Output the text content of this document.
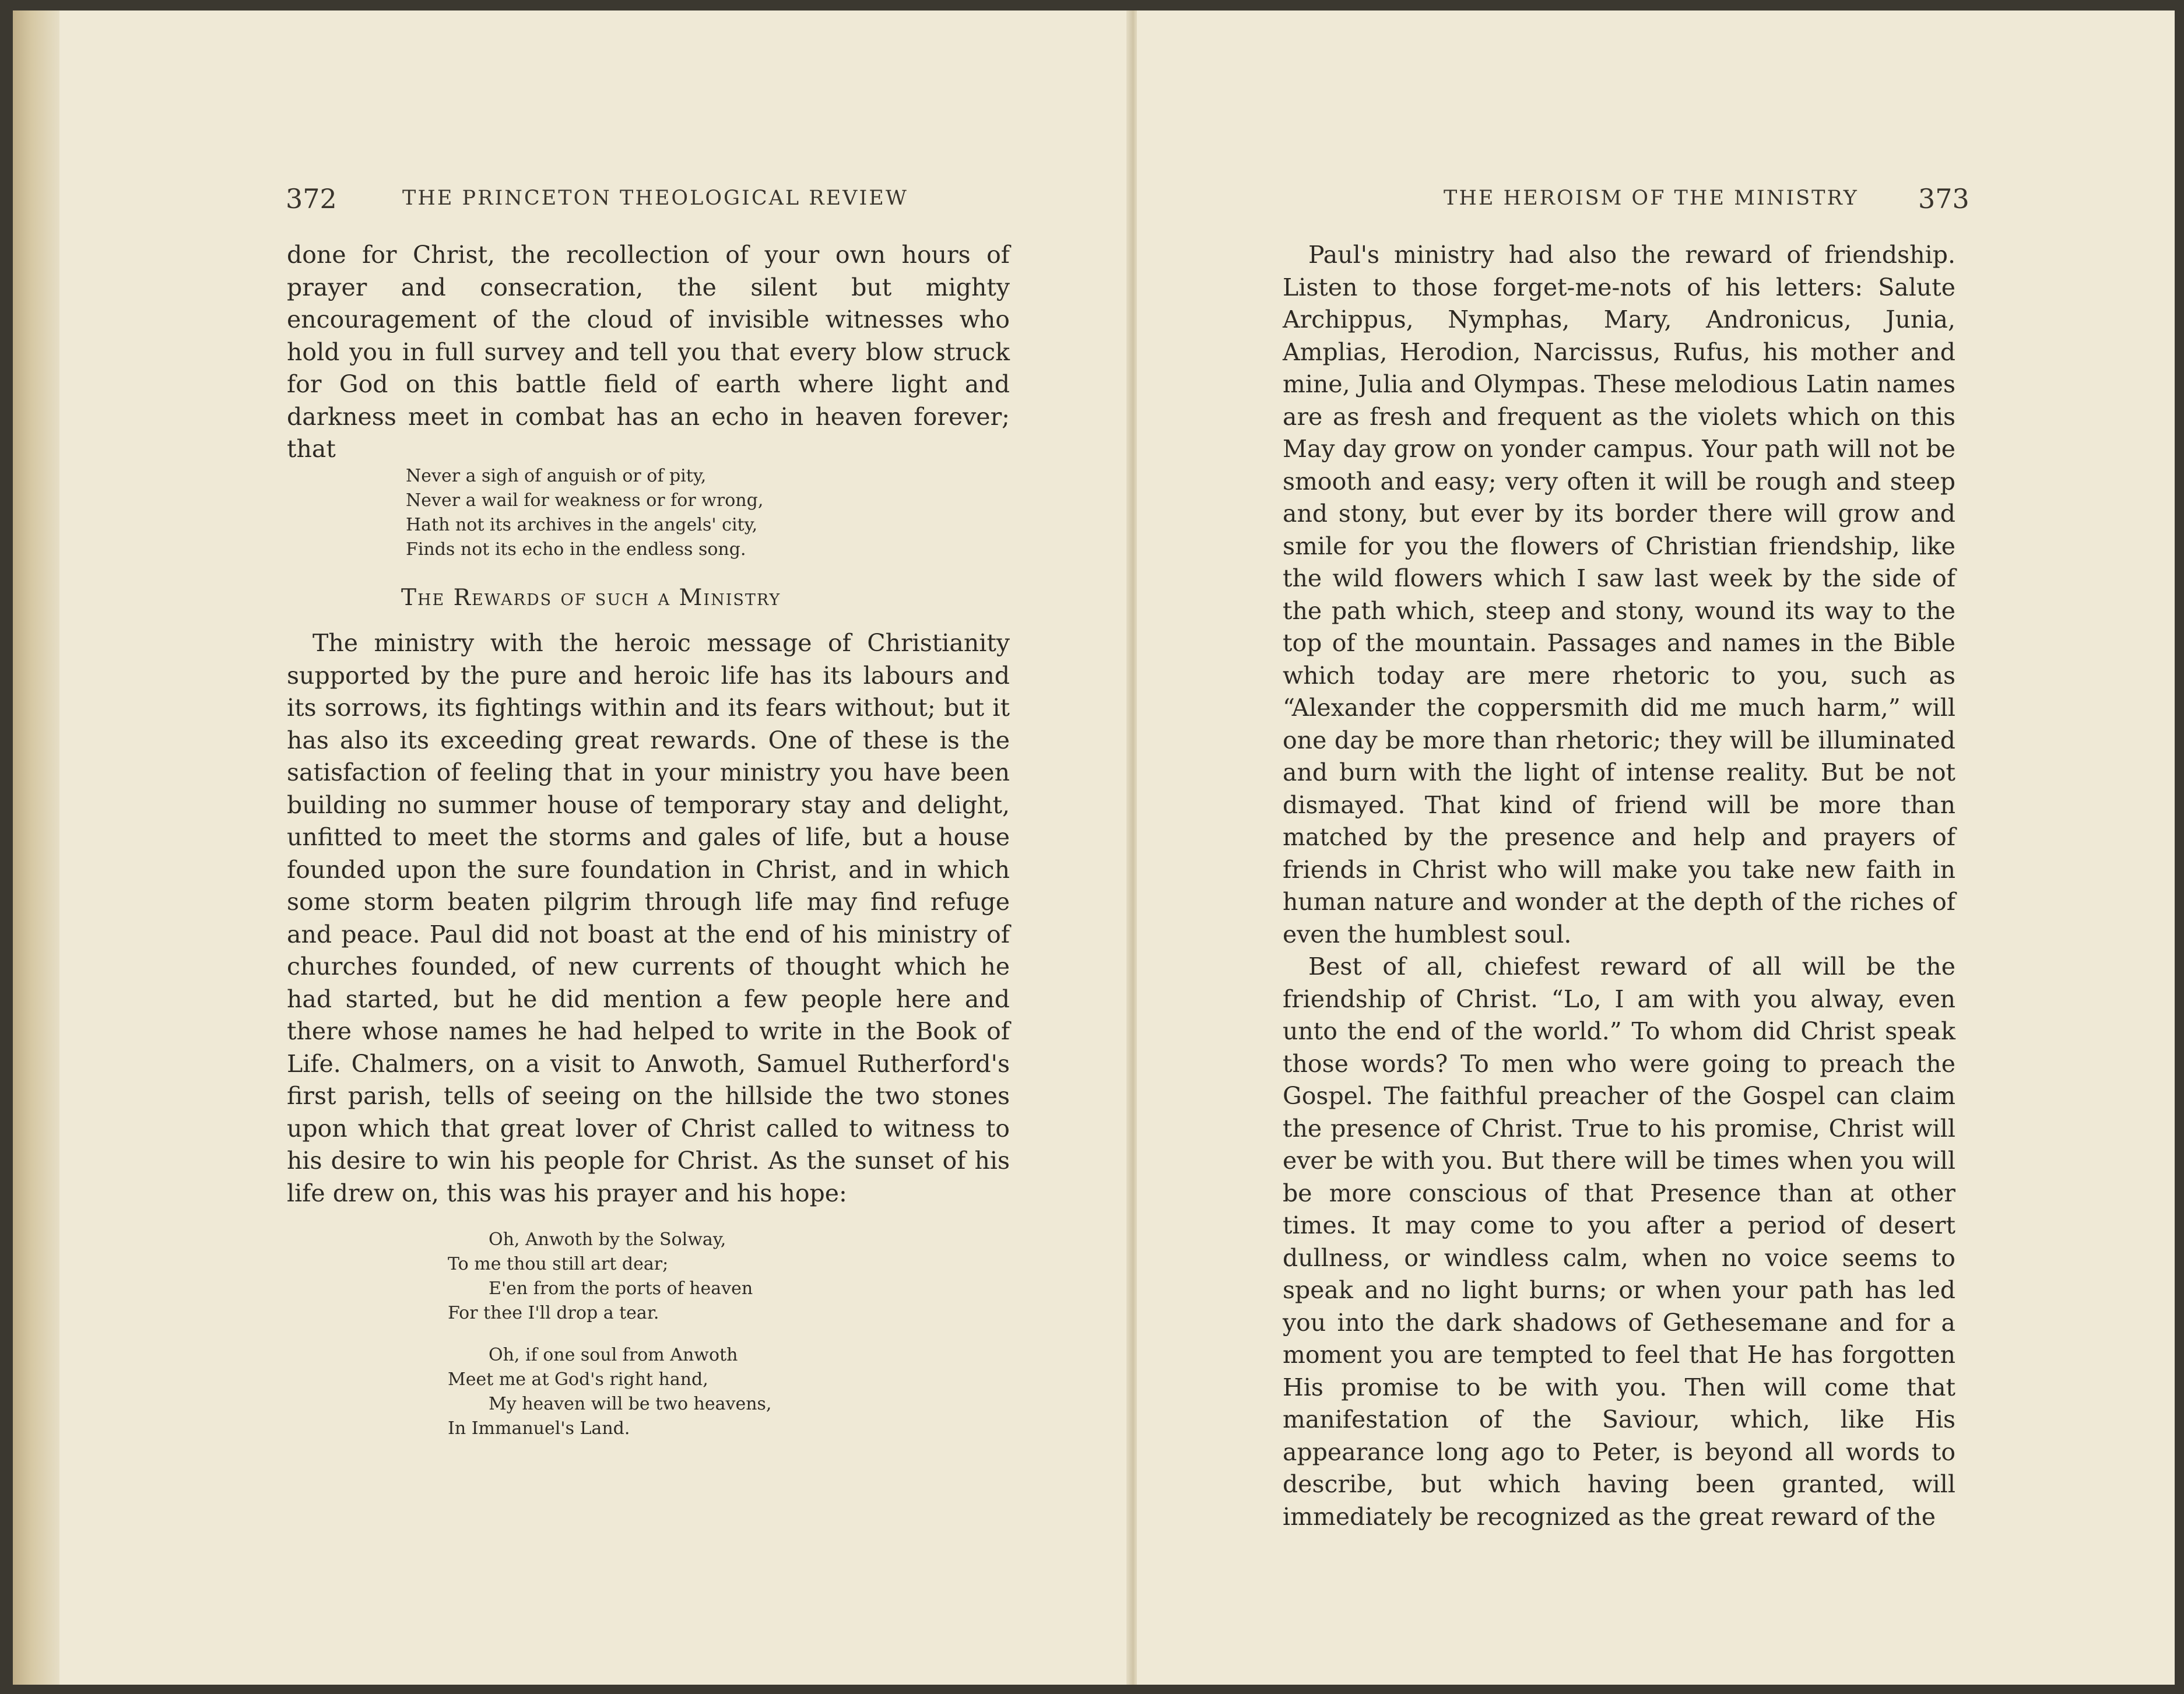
372	THE PRINCETON THEOLOGICAL REVIEW

done for Christ, the recollection of your own hours of prayer and consecration, the silent but mighty encouragement of the cloud of invisible witnesses who hold you in full survey and tell you that every blow struck for God on this battle field of earth where light and darkness meet in combat has an echo in heaven forever; that

Never a sigh of anguish or of pity,
Never a wail for weakness or for wrong,
Hath not its archives in the angels' city,
Finds not its echo in the endless song.
The Rewards of such a Ministry

The ministry with the heroic message of Christianity supported by the pure and heroic life has its labours and its sorrows, its fightings within and its fears without; but it has also its exceeding great rewards. One of these is the satisfaction of feeling that in your ministry you have been building no summer house of temporary stay and delight, unfitted to meet the storms and gales of life, but a house founded upon the sure foundation in Christ, and in which some storm beaten pilgrim through life may find refuge and peace. Paul did not boast at the end of his ministry of churches founded, of new currents of thought which he had started, but he did mention a few people here and there whose names he had helped to write in the Book of Life. Chalmers, on a visit to Anwoth, Samuel Rutherford's first parish, tells of seeing on the hillside the two stones upon which that great lover of Christ called to witness to his desire to win his people for Christ. As the sunset of his life drew on, this was his prayer and his hope:

Oh, Anwoth by the Solway,
To me thou still art dear;
E'en from the ports of heaven
For thee I'll drop a tear.
Oh, if one soul from Anwoth
Meet me at God's right hand,
My heaven will be two heavens,
In Immanuel's Land.
THE HEROISM OF THE MINISTRY 373

Paul's ministry had also the reward of friendship. Listen to those forget-me-nots of his letters: Salute Archippus, Nymphas, Mary, Andronicus, Junia, Amplias, Herodion, Narcissus, Rufus, his mother and mine, Julia and Olympas. These melodious Latin names are as fresh and frequent as the violets which on this May day grow on yonder campus. Your path will not be smooth and easy; very often it will be rough and steep and stony, but ever by its border there will grow and smile for you the flowers of Christian friendship, like the wild flowers which I saw last week by the side of the path which, steep and stony, wound its way to the top of the mountain. Passages and names in the Bible which today are mere rhetoric to you, such as “Alexander the coppersmith did me much harm,” will one day be more than rhetoric; they will be illuminated and burn with the light of intense reality. But be not dismayed. That kind of friend will be more than matched by the presence and help and prayers of friends in Christ who will make you take new faith in human nature and wonder at the depth of the riches of even the humblest soul.

Best of all, chiefest reward of all will be the friendship of Christ. “Lo, I am with you alway, even unto the end of the world.” To whom did Christ speak those words? To men who were going to preach the Gospel. The faithful preacher of the Gospel can claim the presence of Christ. True to his promise, Christ will ever be with you. But there will be times when you will be more conscious of that Presence than at other times. It may come to you after a period of desert dullness, or windless calm, when no voice seems to speak and no light burns; or when your path has led you into the dark shadows of Gethesemane and for a moment you are tempted to feel that He has forgotten His promise to be with you. Then will come that manifestation of the Saviour, which, like His appearance long ago to Peter, is beyond all words to describe, but which having been granted, will immediately be recognized as the great reward of the
